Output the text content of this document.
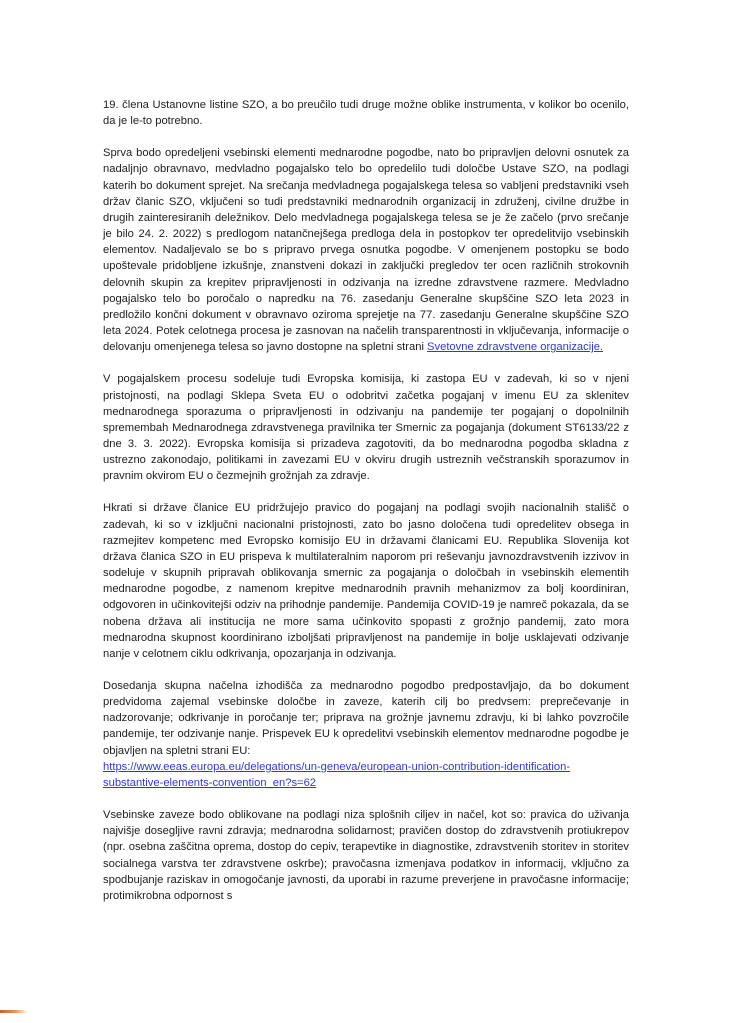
19. člena Ustanovne listine SZO, a bo preučilo tudi druge možne oblike instrumenta, v kolikor bo ocenilo, da je le-to potrebno.

Sprva bodo opredeljeni vsebinski elementi mednarodne pogodbe, nato bo pripravljen delovni osnutek za nadaljnjo obravnavo, medvladno pogajalsko telo bo opredelilo tudi določbe Ustave SZO, na podlagi katerih bo dokument sprejet. Na srečanja medvladnega pogajalskega telesa so vabljeni predstavniki vseh držav članic SZO, vključeni so tudi predstavniki mednarodnih organizacij in združenj, civilne družbe in drugih zainteresiranih deležnikov. Delo medvladnega pogajalskega telesa se je že začelo (prvo srečanje je bilo 24. 2. 2022) s predlogom natančnejšega predloga dela in postopkov ter opredelitvijo vsebinskih elementov. Nadaljevalo se bo s pripravo prvega osnutka pogodbe. V omenjenem postopku se bodo upoštevale pridobljene izkušnje, znanstveni dokazi in zaključki pregledov ter ocen različnih strokovnih delovnih skupin za krepitev pripravljenosti in odzivanja na izredne zdravstvene razmere. Medvladno pogajalsko telo bo poročalo o napredku na 76. zasedanju Generalne skupščine SZO leta 2023 in predložilo končni dokument v obravnavo oziroma sprejetje na 77. zasedanju Generalne skupščine SZO leta 2024. Potek celotnega procesa je zasnovan na načelih transparentnosti in vključevanja, informacije o delovanju omenjenega telesa so javno dostopne na spletni strani Svetovne zdravstvene organizacije.

V pogajalskem procesu sodeluje tudi Evropska komisija, ki zastopa EU v zadevah, ki so v njeni pristojnosti, na podlagi Sklepa Sveta EU o odobritvi začetka pogajanj v imenu EU za sklenitev mednarodnega sporazuma o pripravljenosti in odzivanju na pandemije ter pogajanj o dopolnilnih spremembah Mednarodnega zdravstvenega pravilnika ter Smernic za pogajanja (dokument ST6133/22 z dne 3. 3. 2022). Evropska komisija si prizadeva zagotoviti, da bo mednarodna pogodba skladna z ustrezno zakonodajo, politikami in zavezami EU v okviru drugih ustreznih večstranskih sporazumov in pravnim okvirom EU o čezmejnih grožnjah za zdravje.

Hkrati si države članice EU pridržujejo pravico do pogajanj na podlagi svojih nacionalnih stališč o zadevah, ki so v izključni nacionalni pristojnosti, zato bo jasno določena tudi opredelitev obsega in razmejitev kompetenc med Evropsko komisijo EU in državami članicami EU. Republika Slovenija kot država članica SZO in EU prispeva k multilateralnim naporom pri reševanju javnozdravstvenih izzivov in sodeluje v skupnih pripravah oblikovanja smernic za pogajanja o določbah in vsebinskih elementih mednarodne pogodbe, z namenom krepitve mednarodnih pravnih mehanizmov za bolj koordiniran, odgovoren in učinkovitejši odziv na prihodnje pandemije. Pandemija COVID-19 je namreč pokazala, da se nobena država ali institucija ne more sama učinkovito spopasti z grožnjo pandemij, zato mora mednarodna skupnost koordinirano izboljšati pripravljenost na pandemije in bolje usklajevati odzivanje nanje v celotnem ciklu odkrivanja, opozarjanja in odzivanja.

Dosedanja skupna načelna izhodišča za mednarodno pogodbo predpostavljajo, da bo dokument predvidoma zajemal vsebinske določbe in zaveze, katerih cilj bo predvsem: preprečevanje in nadzorovanje; odkrivanje in poročanje ter; priprava na grožnje javnemu zdravju, ki bi lahko povzročile pandemije, ter odzivanje nanje. Prispevek EU k opredelitvi vsebinskih elementov mednarodne pogodbe je objavljen na spletni strani EU:
https://www.eeas.europa.eu/delegations/un-geneva/european-union-contribution-identification-
substantive-elements-convention_en?s=62

Vsebinske zaveze bodo oblikovane na podlagi niza splošnih ciljev in načel, kot so: pravica do uživanja najvišje dosegljive ravni zdravja; mednarodna solidarnost; pravičen dostop do zdravstvenih protiukrepov (npr. osebna zaščitna oprema, dostop do cepiv, terapevtike in diagnostike, zdravstvenih storitev in storitev socialnega varstva ter zdravstvene oskrbe); pravočasna izmenjava podatkov in informacij, vključno za spodbujanje raziskav in omogočanje javnosti, da uporabi in razume preverjene in pravočasne informacije; protimikrobna odpornost s
